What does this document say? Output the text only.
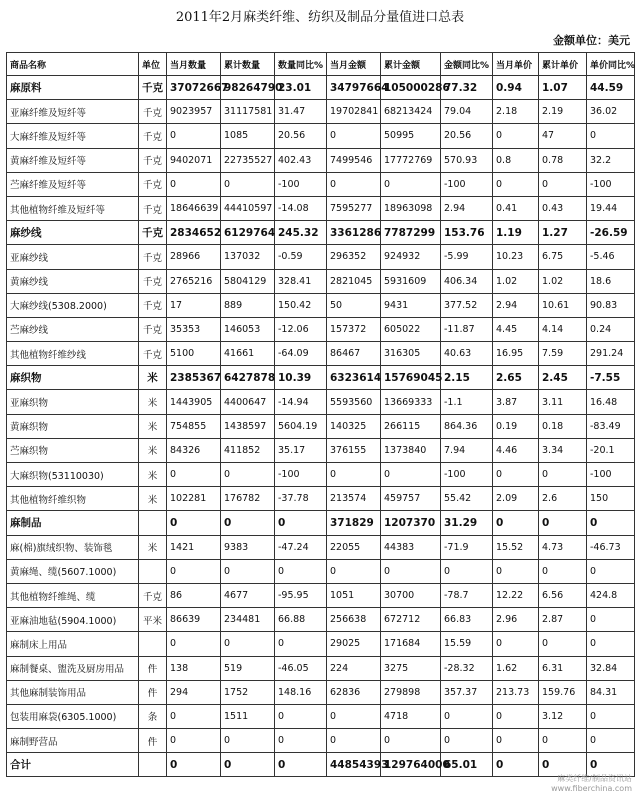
2011年2月麻类纤维、纺织及制品分量值进口总表
金额单位：美元
商品名称	单位	当月数量	累计数量	数量同比%	当月金额	累计金额	金额同比%	当月单价	累计单价	单价同比%
麻原料	千克	37072667	98264790	23.01	34797664	105000286	77.32	0.94	1.07	44.59
亚麻纤维及短纤等	千克	9023957	31117581	31.47	19702841	68213424	79.04	2.18	2.19	36.02
大麻纤维及短纤等	千克	0	1085	20.56	0	50995	20.56	0	47	0
黄麻纤维及短纤等	千克	9402071	22735527	402.43	7499546	17772769	570.93	0.8	0.78	32.2
苎麻纤维及短纤等	千克	0	0	-100	0	0	-100	0	0	-100
其他植物纤维及短纤等	千克	18646639	44410597	-14.08	7595277	18963098	2.94	0.41	0.43	19.44
麻纱线	千克	2834652	6129764	245.32	3361286	7787299	153.76	1.19	1.27	-26.59
亚麻纱线	千克	28966	137032	-0.59	296352	924932	-5.99	10.23	6.75	-5.46
黄麻纱线	千克	2765216	5804129	328.41	2821045	5931609	406.34	1.02	1.02	18.6
大麻纱线(5308.2000)	千克	17	889	150.42	50	9431	377.52	2.94	10.61	90.83
苎麻纱线	千克	35353	146053	-12.06	157372	605022	-11.87	4.45	4.14	0.24
其他植物纤维纱线	千克	5100	41661	-64.09	86467	316305	40.63	16.95	7.59	291.24
麻织物	米	2385367	6427878	10.39	6323614	15769045	2.15	2.65	2.45	-7.55
亚麻织物	米	1443905	4400647	-14.94	5593560	13669333	-1.1	3.87	3.11	16.48
黄麻织物	米	754855	1438597	5604.19	140325	266115	864.36	0.19	0.18	-83.49
苎麻织物	米	84326	411852	35.17	376155	1373840	7.94	4.46	3.34	-20.1
大麻织物(53110030)	米	0	0	-100	0	0	-100	0	0	-100
其他植物纤维织物	米	102281	176782	-37.78	213574	459757	55.42	2.09	2.6	150
麻制品		0	0	0	371829	1207370	31.29	0	0	0
麻(棉)旗绒织物、装饰毯	米	1421	9383	-47.24	22055	44383	-71.9	15.52	4.73	-46.73
黄麻绳、缆(5607.1000)		0	0	0	0	0	0	0	0	0
其他植物纤维绳、缆	千克	86	4677	-95.95	1051	30700	-78.7	12.22	6.56	424.8
亚麻油地毡(5904.1000)	平米	86639	234481	66.88	256638	672712	66.83	2.96	2.87	0
麻制床上用品		0	0	0	29025	171684	15.59	0	0	0
麻制餐桌、盥洗及厨房用品	件	138	519	-46.05	224	3275	-28.32	1.62	6.31	32.84
其他麻制装饰用品	件	294	1752	148.16	62836	279898	357.37	213.73	159.76	84.31
包装用麻袋(6305.1000)	条	0	1511	0	0	4718	0	0	3.12	0
麻制野营品	件	0	0	0	0	0	0	0	0	0
合计		0	0	0	44854393	129764000	65.01	0	0	0
麻类纤维/制品资讯站
www.fiberchina.com
